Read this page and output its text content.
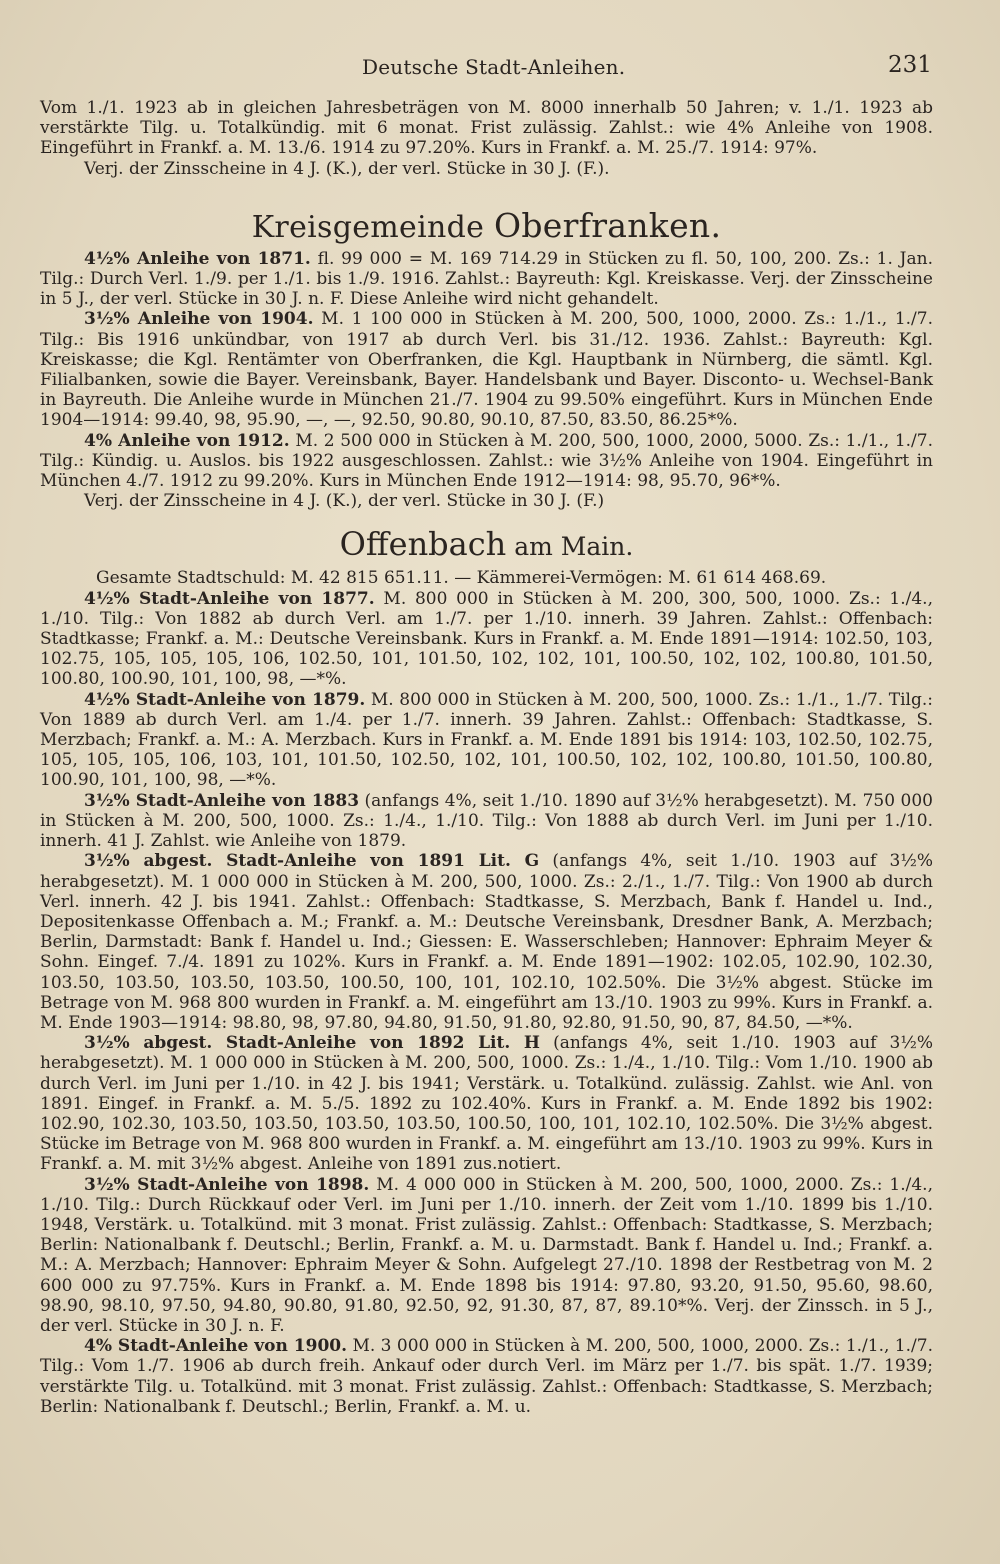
Deutsche Stadt-Anleihen.	231

Vom 1./1. 1923 ab in gleichen Jahresbeträgen von M. 8000 innerhalb 50 Jahren; v. 1./1. 1923 ab verstärkte Tilg. u. Totalkündig. mit 6 monat. Frist zulässig. Zahlst.: wie 4% Anleihe von 1908. Eingeführt in Frankf. a. M. 13./6. 1914 zu 97.20%. Kurs in Frankf. a. M. 25./7. 1914: 97%.

Verj. der Zinsscheine in 4 J. (K.), der verl. Stücke in 30 J. (F.).

Kreisgemeinde Oberfranken.

4½% Anleihe von 1871. fl. 99 000 = M. 169 714.29 in Stücken zu fl. 50, 100, 200. Zs.: 1. Jan. Tilg.: Durch Verl. 1./9. per 1./1. bis 1./9. 1916. Zahlst.: Bayreuth: Kgl. Kreiskasse. Verj. der Zinsscheine in 5 J., der verl. Stücke in 30 J. n. F. Diese Anleihe wird nicht gehandelt.

3½% Anleihe von 1904. M. 1 100 000 in Stücken à M. 200, 500, 1000, 2000. Zs.: 1./1., 1./7. Tilg.: Bis 1916 unkündbar, von 1917 ab durch Verl. bis 31./12. 1936. Zahlst.: Bayreuth: Kgl. Kreiskasse; die Kgl. Rentämter von Oberfranken, die Kgl. Hauptbank in Nürnberg, die sämtl. Kgl. Filialbanken, sowie die Bayer. Vereinsbank, Bayer. Handelsbank und Bayer. Disconto- u. Wechsel-Bank in Bayreuth. Die Anleihe wurde in München 21./7. 1904 zu 99.50% eingeführt. Kurs in München Ende 1904—1914: 99.40, 98, 95.90, —, —, 92.50, 90.80, 90.10, 87.50, 83.50, 86.25*%.

4% Anleihe von 1912. M. 2 500 000 in Stücken à M. 200, 500, 1000, 2000, 5000. Zs.: 1./1., 1./7. Tilg.: Kündig. u. Auslos. bis 1922 ausgeschlossen. Zahlst.: wie 3½% Anleihe von 1904. Eingeführt in München 4./7. 1912 zu 99.20%. Kurs in München Ende 1912—1914: 98, 95.70, 96*%.

Verj. der Zinsscheine in 4 J. (K.), der verl. Stücke in 30 J. (F.)

Offenbach am Main.

Gesamte Stadtschuld: M. 42 815 651.11. — Kämmerei-Vermögen: M. 61 614 468.69.

4½% Stadt-Anleihe von 1877. M. 800 000 in Stücken à M. 200, 300, 500, 1000. Zs.: 1./4., 1./10. Tilg.: Von 1882 ab durch Verl. am 1./7. per 1./10. innerh. 39 Jahren. Zahlst.: Offenbach: Stadtkasse; Frankf. a. M.: Deutsche Vereinsbank. Kurs in Frankf. a. M. Ende 1891—1914: 102.50, 103, 102.75, 105, 105, 105, 106, 102.50, 101, 101.50, 102, 102, 101, 100.50, 102, 102, 100.80, 101.50, 100.80, 100.90, 101, 100, 98, —*%.

4½% Stadt-Anleihe von 1879. M. 800 000 in Stücken à M. 200, 500, 1000. Zs.: 1./1., 1./7. Tilg.: Von 1889 ab durch Verl. am 1./4. per 1./7. innerh. 39 Jahren. Zahlst.: Offenbach: Stadtkasse, S. Merzbach; Frankf. a. M.: A. Merzbach. Kurs in Frankf. a. M. Ende 1891 bis 1914: 103, 102.50, 102.75, 105, 105, 105, 106, 103, 101, 101.50, 102.50, 102, 101, 100.50, 102, 102, 100.80, 101.50, 100.80, 100.90, 101, 100, 98, —*%.

3½% Stadt-Anleihe von 1883 (anfangs 4%, seit 1./10. 1890 auf 3½% herabgesetzt). M. 750 000 in Stücken à M. 200, 500, 1000. Zs.: 1./4., 1./10. Tilg.: Von 1888 ab durch Verl. im Juni per 1./10. innerh. 41 J. Zahlst. wie Anleihe von 1879.

3½% abgest. Stadt-Anleihe von 1891 Lit. G (anfangs 4%, seit 1./10. 1903 auf 3½% herabgesetzt). M. 1 000 000 in Stücken à M. 200, 500, 1000. Zs.: 2./1., 1./7. Tilg.: Von 1900 ab durch Verl. innerh. 42 J. bis 1941. Zahlst.: Offenbach: Stadtkasse, S. Merzbach, Bank f. Handel u. Ind., Depositenkasse Offenbach a. M.; Frankf. a. M.: Deutsche Vereinsbank, Dresdner Bank, A. Merzbach; Berlin, Darmstadt: Bank f. Handel u. Ind.; Giessen: E. Wasserschleben; Hannover: Ephraim Meyer & Sohn. Eingef. 7./4. 1891 zu 102%. Kurs in Frankf. a. M. Ende 1891—1902: 102.05, 102.90, 102.30, 103.50, 103.50, 103.50, 103.50, 100.50, 100, 101, 102.10, 102.50%. Die 3½% abgest. Stücke im Betrage von M. 968 800 wurden in Frankf. a. M. eingeführt am 13./10. 1903 zu 99%. Kurs in Frankf. a. M. Ende 1903—1914: 98.80, 98, 97.80, 94.80, 91.50, 91.80, 92.80, 91.50, 90, 87, 84.50, —*%.

3½% abgest. Stadt-Anleihe von 1892 Lit. H (anfangs 4%, seit 1./10. 1903 auf 3½% herabgesetzt). M. 1 000 000 in Stücken à M. 200, 500, 1000. Zs.: 1./4., 1./10. Tilg.: Vom 1./10. 1900 ab durch Verl. im Juni per 1./10. in 42 J. bis 1941; Verstärk. u. Totalkünd. zulässig. Zahlst. wie Anl. von 1891. Eingef. in Frankf. a. M. 5./5. 1892 zu 102.40%. Kurs in Frankf. a. M. Ende 1892 bis 1902: 102.90, 102.30, 103.50, 103.50, 103.50, 103.50, 100.50, 100, 101, 102.10, 102.50%. Die 3½% abgest. Stücke im Betrage von M. 968 800 wurden in Frankf. a. M. eingeführt am 13./10. 1903 zu 99%. Kurs in Frankf. a. M. mit 3½% abgest. Anleihe von 1891 zus.notiert.

3½% Stadt-Anleihe von 1898. M. 4 000 000 in Stücken à M. 200, 500, 1000, 2000. Zs.: 1./4., 1./10. Tilg.: Durch Rückkauf oder Verl. im Juni per 1./10. innerh. der Zeit vom 1./10. 1899 bis 1./10. 1948, Verstärk. u. Totalkünd. mit 3 monat. Frist zulässig. Zahlst.: Offenbach: Stadtkasse, S. Merzbach; Berlin: Nationalbank f. Deutschl.; Berlin, Frankf. a. M. u. Darmstadt. Bank f. Handel u. Ind.; Frankf. a. M.: A. Merzbach; Hannover: Ephraim Meyer & Sohn. Aufgelegt 27./10. 1898 der Restbetrag von M. 2 600 000 zu 97.75%. Kurs in Frankf. a. M. Ende 1898 bis 1914: 97.80, 93.20, 91.50, 95.60, 98.60, 98.90, 98.10, 97.50, 94.80, 90.80, 91.80, 92.50, 92, 91.30, 87, 87, 89.10*%. Verj. der Zinssch. in 5 J., der verl. Stücke in 30 J. n. F.

4% Stadt-Anleihe von 1900. M. 3 000 000 in Stücken à M. 200, 500, 1000, 2000. Zs.: 1./1., 1./7. Tilg.: Vom 1./7. 1906 ab durch freih. Ankauf oder durch Verl. im März per 1./7. bis spät. 1./7. 1939; verstärkte Tilg. u. Totalkünd. mit 3 monat. Frist zulässig. Zahlst.: Offenbach: Stadtkasse, S. Merzbach; Berlin: Nationalbank f. Deutschl.; Berlin, Frankf. a. M. u.
